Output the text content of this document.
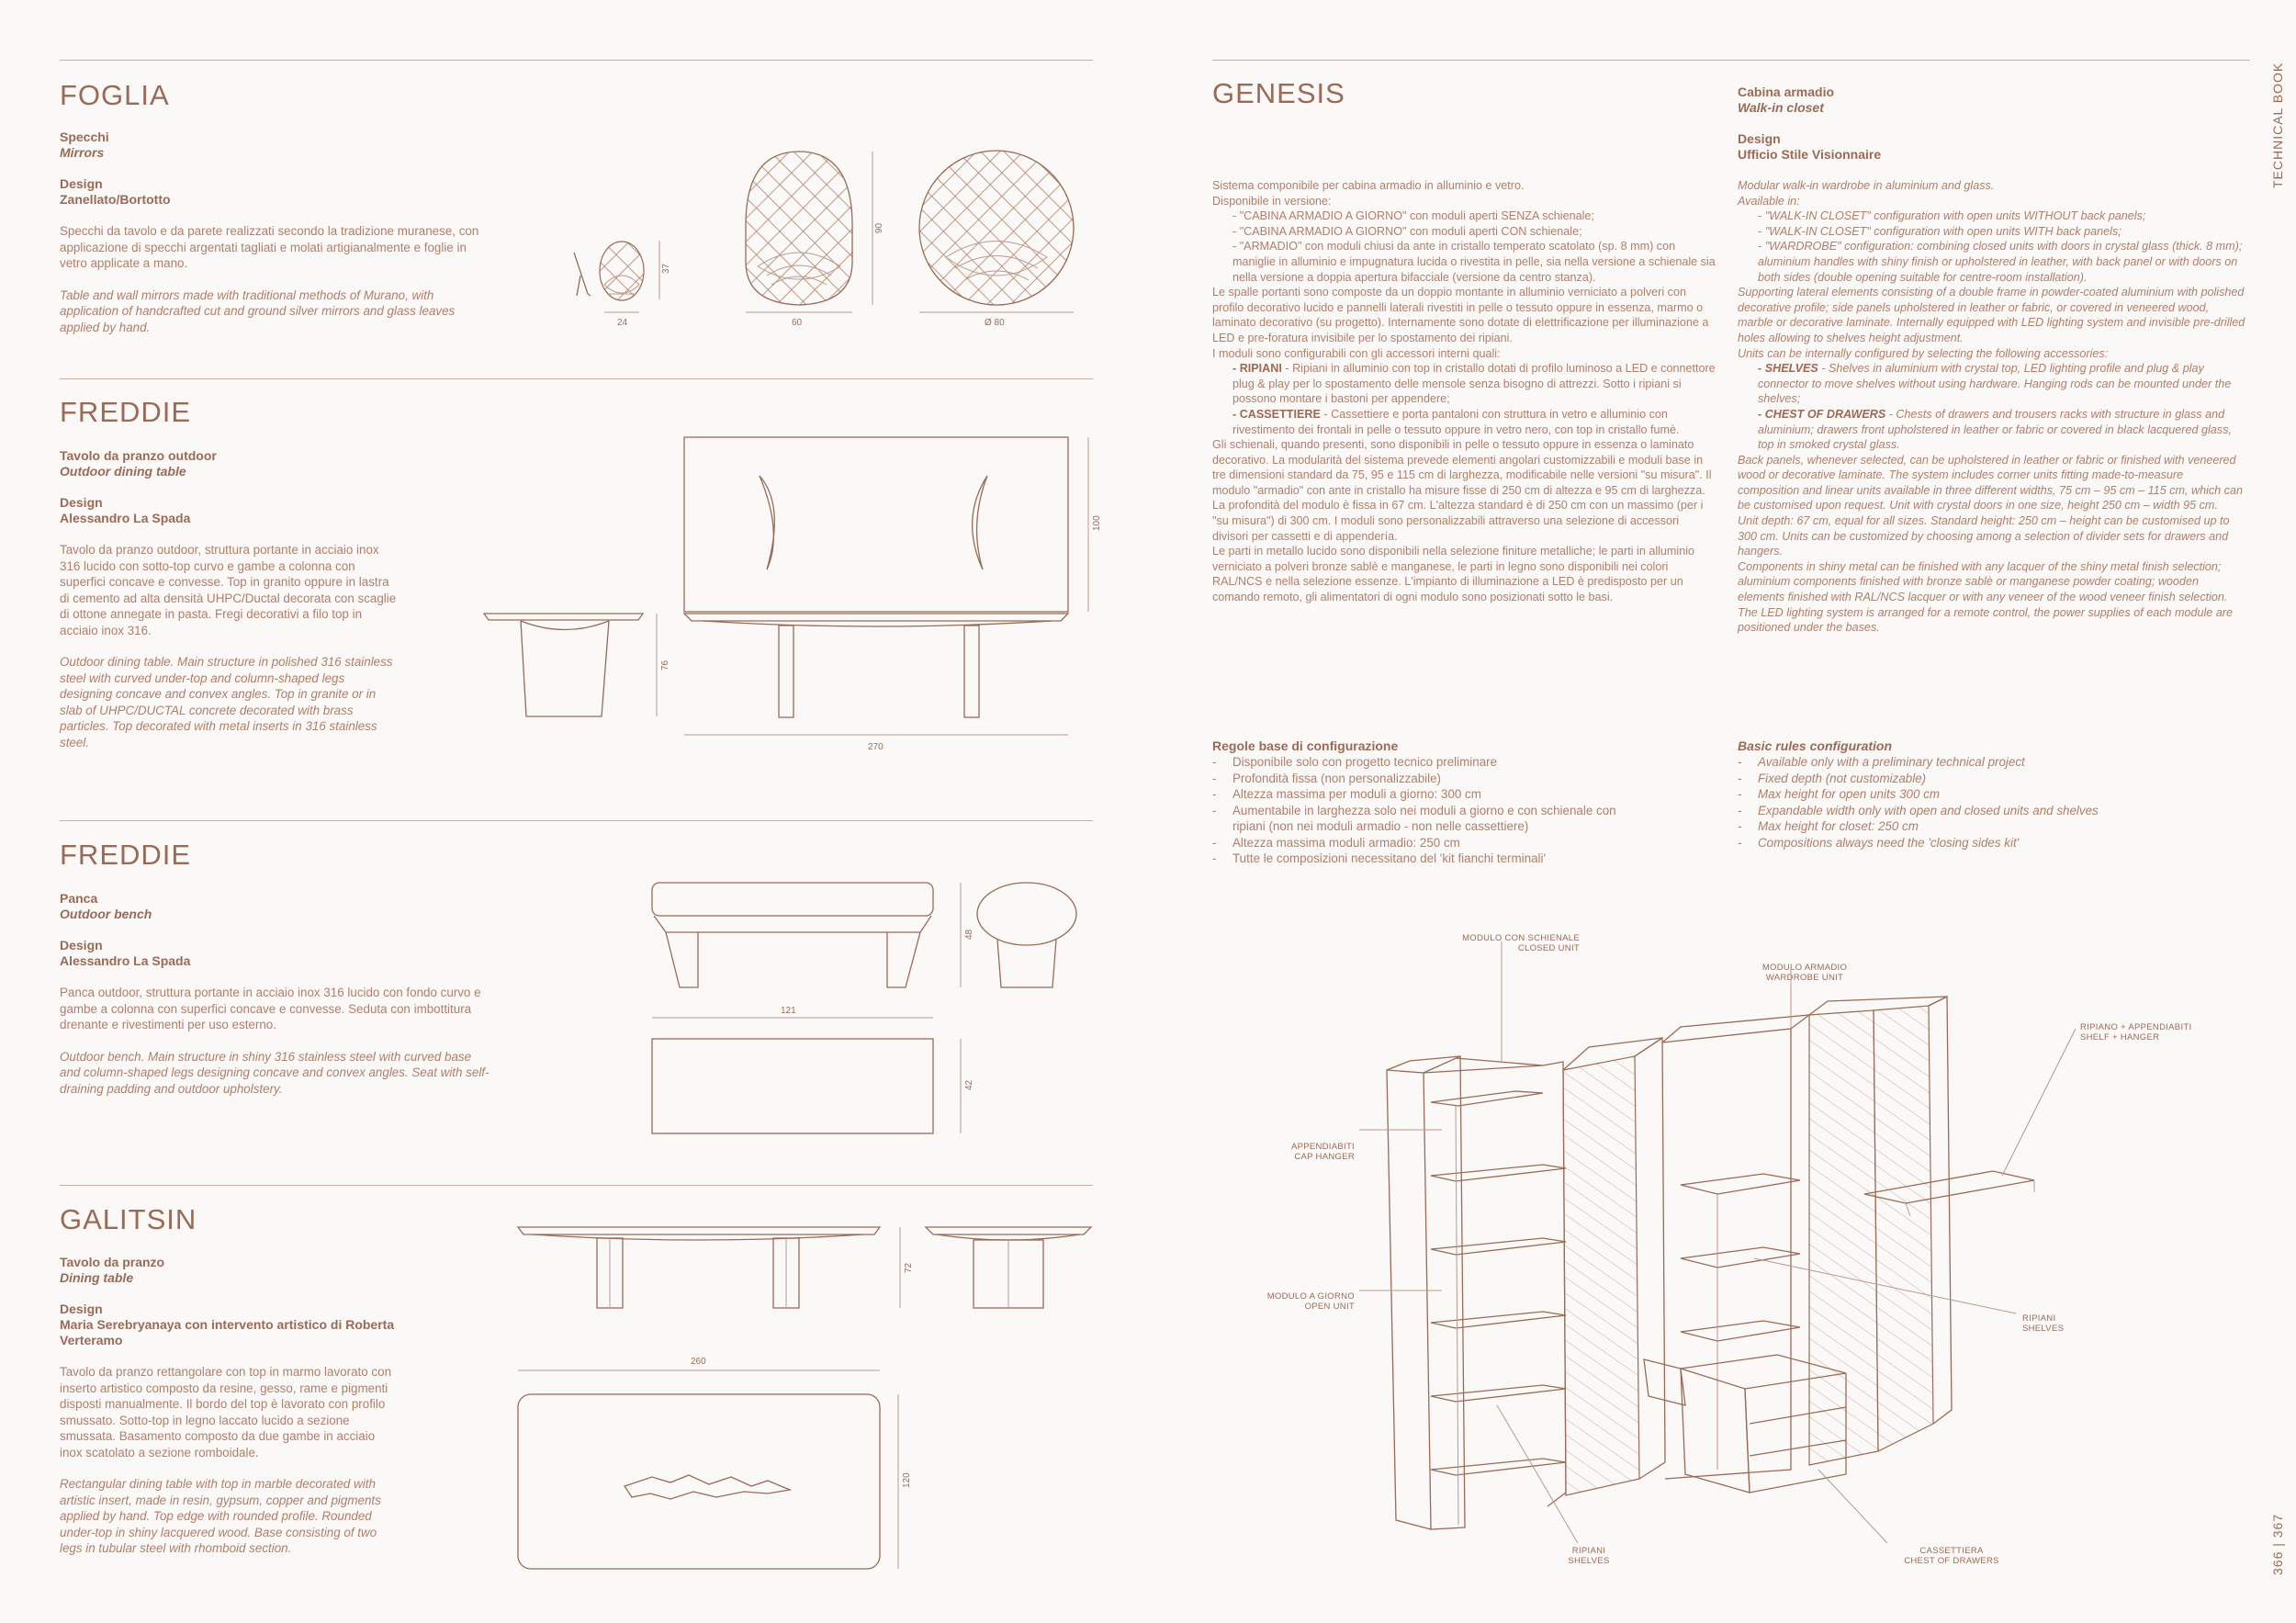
TECHNICAL BOOK
366 | 367
FOGLIA
Specchi
Mirrors
Design
Zanellato/Bortotto
Specchi da tavolo e da parete realizzati secondo la tradizione muranese, con applicazione di specchi argentati tagliati e molati artigianalmente e foglie in vetro applicate a mano.
Table and wall mirrors made with traditional methods of Murano, with application of handcrafted cut and ground silver mirrors and glass leaves applied by hand.	24
37
60
90
Ø 80
FREDDIE
Tavolo da pranzo outdoor
Outdoor dining table
Design
Alessandro La Spada
Tavolo da pranzo outdoor, struttura portante in acciaio inox 316 lucido con sotto-top curvo e gambe a colonna con superfici concave e convesse. Top in granito oppure in lastra di cemento ad alta densità UHPC/Ductal decorata con scaglie di ottone annegate in pasta. Fregi decorativi a filo top in acciaio inox 316.
Outdoor dining table. Main structure in polished 316 stainless steel with curved under-top and column-shaped legs designing concave and convex angles. Top in granite or in slab of UHPC/DUCTAL concrete decorated with brass particles. Top decorated with metal inserts in 316 stainless steel.
100
76
270
FREDDIE
Panca
Outdoor bench
Design
Alessandro La Spada
Panca outdoor, struttura portante in acciaio inox 316 lucido con fondo curvo e gambe a colonna con superfici concave e convesse. Seduta con imbottitura drenante e rivestimenti per uso esterno.
Outdoor bench. Main structure in shiny 316 stainless steel with curved base and column-shaped legs designing concave and convex angles. Seat with self-draining padding and outdoor upholstery.
48
121
42
GALITSIN
Tavolo da pranzo
Dining table
Design
Maria Serebryanaya con intervento artistico di Roberta Verteramo
Tavolo da pranzo rettangolare con top in marmo lavorato con inserto artistico composto da resine, gesso, rame e pigmenti disposti manualmente. Il bordo del top è lavorato con profilo smussato. Sotto-top in legno laccato lucido a sezione smussata. Basamento composto da due gambe in acciaio inox scatolato a sezione romboidale.
Rectangular dining table with top in marble decorated with artistic insert, made in resin, gypsum, copper and pigments applied by hand. Top edge with rounded profile. Rounded under-top in shiny lacquered wood. Base consisting of two legs in tubular steel with rhomboid section.
72
260
120
GENESIS	Cabina armadio
Walk-in closet
Design
Ufficio Stile Visionnaire
Sistema componibile per cabina armadio in alluminio e vetro.
Disponibile in versione:
- "CABINA ARMADIO A GIORNO" con moduli aperti SENZA schienale;
- "CABINA ARMADIO A GIORNO" con moduli aperti CON schienale;
- "ARMADIO" con moduli chiusi da ante in cristallo temperato scatolato (sp. 8 mm) con maniglie in alluminio e impugnatura lucida o rivestita in pelle, sia nella versione a schienale sia nella versione a doppia apertura bifacciale (versione da centro stanza).
Le spalle portanti sono composte da un doppio montante in alluminio verniciato a polveri con profilo decorativo lucido e pannelli laterali rivestiti in pelle o tessuto oppure in essenza, marmo o laminato decorativo (su progetto). Internamente sono dotate di elettrificazione per illuminazione a LED e pre-foratura invisibile per lo spostamento dei ripiani.
I moduli sono configurabili con gli accessori interni quali:
- RIPIANI - Ripiani in alluminio con top in cristallo dotati di profilo luminoso a LED e connettore plug & play per lo spostamento delle mensole senza bisogno di attrezzi. Sotto i ripiani si possono montare i bastoni per appendere;
- CASSETTIERE - Cassettiere e porta pantaloni con struttura in vetro e alluminio con rivestimento dei frontali in pelle o tessuto oppure in vetro nero, con top in cristallo fumè.
Gli schienali, quando presenti, sono disponibili in pelle o tessuto oppure in essenza o laminato decorativo. La modularità del sistema prevede elementi angolari customizzabili e moduli base in tre dimensioni standard da 75, 95 e 115 cm di larghezza, modificabile nelle versioni "su misura". Il modulo "armadio" con ante in cristallo ha misure fisse di 250 cm di altezza e 95 cm di larghezza.
La profondità del modulo è fissa in 67 cm. L'altezza standard è di 250 cm con un massimo (per i "su misura") di 300 cm. I moduli sono personalizzabili attraverso una selezione di accessori divisori per cassetti e di appendería.
Le parti in metallo lucido sono disponibili nella selezione finiture metalliche; le parti in alluminio verniciato a polveri bronze sablè e manganese, le parti in legno sono disponibili nei colori RAL/NCS e nella selezione essenze. L'impianto di illuminazione a LED è predisposto per un comando remoto, gli alimentatori di ogni modulo sono posizionati sotto le basi.
Modular walk-in wardrobe in aluminium and glass.
Available in:
- "WALK-IN CLOSET" configuration with open units WITHOUT back panels;
- "WALK-IN CLOSET" configuration with open units WITH back panels;
- "WARDROBE" configuration: combining closed units with doors in crystal glass (thick. 8 mm); aluminium handles with shiny finish or upholstered in leather, with back panel or with doors on both sides (double opening suitable for centre-room installation).
Supporting lateral elements consisting of a double frame in powder-coated aluminium with polished decorative profile; side panels upholstered in leather or fabric, or covered in veneered wood, marble or decorative laminate. Internally equipped with LED lighting system and invisible pre-drilled holes allowing to shelves height adjustment.
Units can be internally configured by selecting the following accessories:
- SHELVES - Shelves in aluminium with crystal top, LED lighting profile and plug & play connector to move shelves without using hardware. Hanging rods can be mounted under the shelves;
- CHEST OF DRAWERS - Chests of drawers and trousers racks with structure in glass and aluminium; drawers front upholstered in leather or fabric or covered in black lacquered glass, top in smoked crystal glass.
Back panels, whenever selected, can be upholstered in leather or fabric or finished with veneered wood or decorative laminate. The system includes corner units fitting made-to-measure composition and linear units available in three different widths, 75 cm – 95 cm – 115 cm, which can be customised upon request. Unit with crystal doors in one size, height 250 cm – width 95 cm.
Unit depth: 67 cm, equal for all sizes. Standard height: 250 cm – height can be customised up to 300 cm. Units can be customized by choosing among a selection of divider sets for drawers and hangers.
Components in shiny metal can be finished with any lacquer of the shiny metal finish selection; aluminium components finished with bronze sablè or manganese powder coating; wooden elements finished with RAL/NCS lacquer or with any veneer of the wood veneer finish selection. The LED lighting system is arranged for a remote control, the power supplies of each module are positioned under the bases.
Regole base di configurazione
- Disponibile solo con progetto tecnico preliminare
- Profondità fissa (non personalizzabile)
- Altezza massima per moduli a giorno: 300 cm
- Aumentabile in larghezza solo nei moduli a giorno e con schienale con ripiani (non nei moduli armadio - non nelle cassettiere)
- Altezza massima moduli armadio: 250 cm
- Tutte le composizioni necessitano del 'kit fianchi terminali'
Basic rules configuration
- Available only with a preliminary technical project
- Fixed depth (not customizable)
- Max height for open units 300 cm
- Expandable width only with open and closed units and shelves
- Max height for closet: 250 cm
- Compositions always need the 'closing sides kit'
MODULO CON SCHIENALE
CLOSED UNIT
MODULO ARMADIO
WARDROBE UNIT
RIPIANO + APPENDIABITI
SHELF + HANGER
APPENDIABITI
CAP HANGER
MODULO A GIORNO
OPEN UNIT
RIPIANI
SHELVES
RIPIANI
SHELVES
CASSETTIERA
CHEST OF DRAWERS
